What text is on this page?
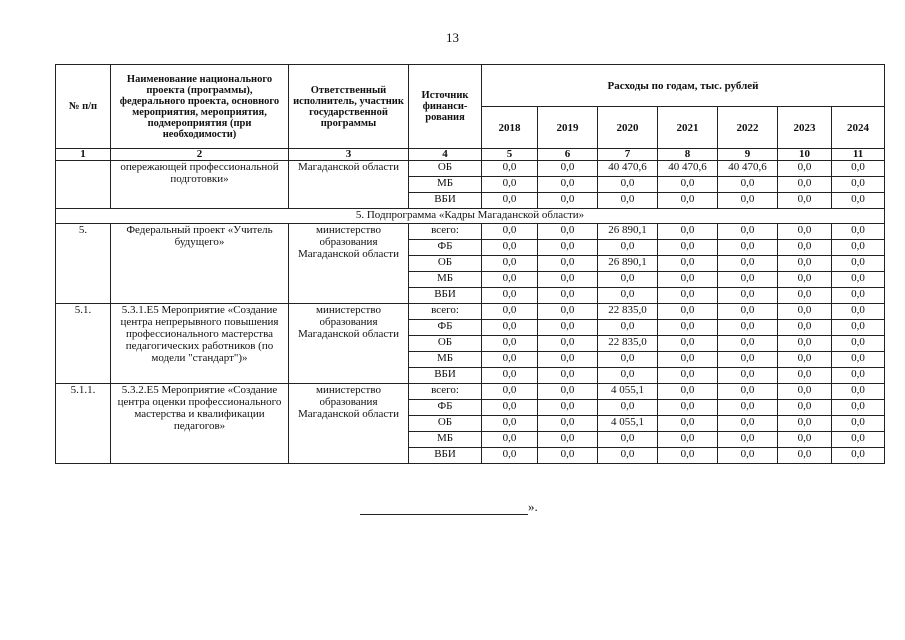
13
№ п/п	Наименование национального проекта (программы), федерального проекта, основного мероприятия, мероприятия, подмероприятия (при необходимости)	Ответственный исполнитель, участник государственной программы	Источник финанси-рования	Расходы по годам, тыс. рублей						
				2018	2019	2020	2021	2022	2023	2024
1	2	3	4	5	6	7	8	9	10	11
	опережающей профессиональной подготовки»	Магаданской области	ОБ	0,0	0,0	40 470,6	40 470,6	40 470,6	0,0	0,0
			МБ	0,0	0,0	0,0	0,0	0,0	0,0	0,0
			ВБИ	0,0	0,0	0,0	0,0	0,0	0,0	0,0
5. Подпрограмма «Кадры Магаданской области»										
5.	Федеральный проект «Учитель будущего»	министерство образования Магаданской области	всего:	0,0	0,0	26 890,1	0,0	0,0	0,0	0,0
			ФБ	0,0	0,0	0,0	0,0	0,0	0,0	0,0
			ОБ	0,0	0,0	26 890,1	0,0	0,0	0,0	0,0
			МБ	0,0	0,0	0,0	0,0	0,0	0,0	0,0
			ВБИ	0,0	0,0	0,0	0,0	0,0	0,0	0,0
5.1.	5.3.1.Е5 Мероприятие «Создание центра непрерывного повышения профессионального мастерства педагогических работников (по модели "стандарт")»	министерство образования Магаданской области	всего:	0,0	0,0	22 835,0	0,0	0,0	0,0	0,0
			ФБ	0,0	0,0	0,0	0,0	0,0	0,0	0,0
			ОБ	0,0	0,0	22 835,0	0,0	0,0	0,0	0,0
			МБ	0,0	0,0	0,0	0,0	0,0	0,0	0,0
			ВБИ	0,0	0,0	0,0	0,0	0,0	0,0	0,0
5.1.1.	5.3.2.Е5 Мероприятие «Создание центра оценки профессионального мастерства и квалификации педагогов»	министерство образования Магаданской области	всего:	0,0	0,0	4 055,1	0,0	0,0	0,0	0,0
			ФБ	0,0	0,0	0,0	0,0	0,0	0,0	0,0
			ОБ	0,0	0,0	4 055,1	0,0	0,0	0,0	0,0
			МБ	0,0	0,0	0,0	0,0	0,0	0,0	0,0
			ВБИ	0,0	0,0	0,0	0,0	0,0	0,0	0,0
».
